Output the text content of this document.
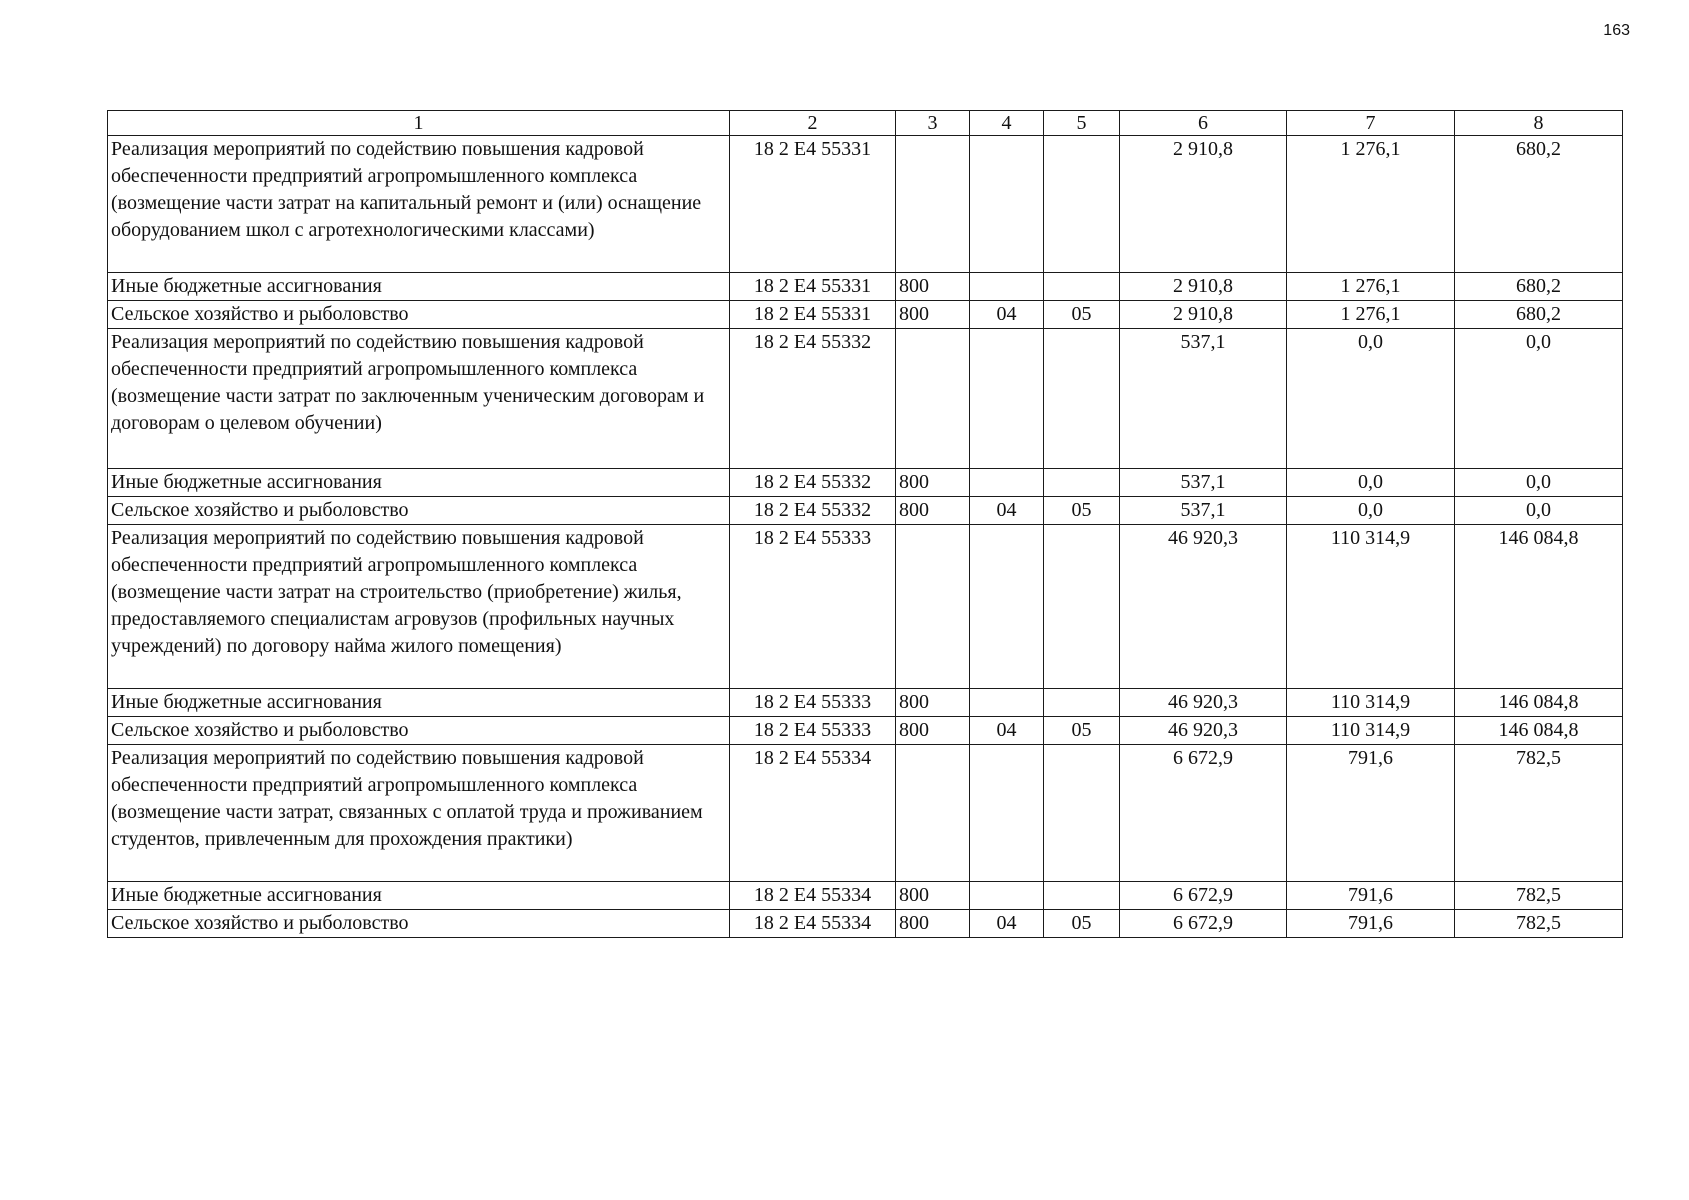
163
1	2	3	4	5	6	7	8
Реализация мероприятий по содействию повышения кадровой обеспеченности предприятий агропромышленного комплекса (возмещение части затрат на капитальный ремонт и (или) оснащение оборудованием школ с агротехнологическими классами)	18 2 E4 55331				2 910,8	1 276,1	680,2
Иные бюджетные ассигнования	18 2 E4 55331	800			2 910,8	1 276,1	680,2
Сельское хозяйство и рыболовство	18 2 E4 55331	800	04	05	2 910,8	1 276,1	680,2
Реализация мероприятий по содействию повышения кадровой обеспеченности предприятий агропромышленного комплекса (возмещение части затрат по заключенным ученическим договорам и договорам о целевом обучении)	18 2 E4 55332				537,1	0,0	0,0
Иные бюджетные ассигнования	18 2 E4 55332	800			537,1	0,0	0,0
Сельское хозяйство и рыболовство	18 2 E4 55332	800	04	05	537,1	0,0	0,0
Реализация мероприятий по содействию повышения кадровой обеспеченности предприятий агропромышленного комплекса (возмещение части затрат на строительство (приобретение) жилья, предоставляемого специалистам агровузов (профильных научных учреждений) по договору найма жилого помещения)	18 2 E4 55333				46 920,3	110 314,9	146 084,8
Иные бюджетные ассигнования	18 2 E4 55333	800			46 920,3	110 314,9	146 084,8
Сельское хозяйство и рыболовство	18 2 E4 55333	800	04	05	46 920,3	110 314,9	146 084,8
Реализация мероприятий по содействию повышения кадровой обеспеченности предприятий агропромышленного комплекса (возмещение части затрат, связанных с оплатой труда и проживанием студентов, привлеченным для прохождения практики)	18 2 E4 55334				6 672,9	791,6	782,5
Иные бюджетные ассигнования	18 2 E4 55334	800			6 672,9	791,6	782,5
Сельское хозяйство и рыболовство	18 2 E4 55334	800	04	05	6 672,9	791,6	782,5
